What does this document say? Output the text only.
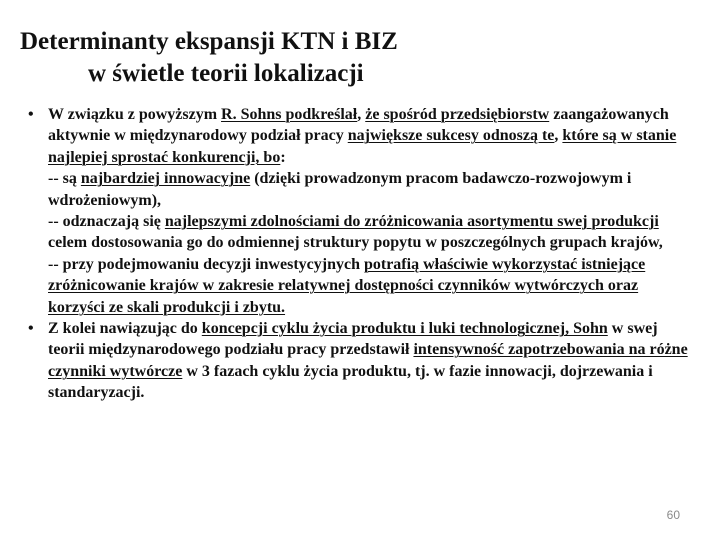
Determinanty ekspansji KTN i BIZ
w świetle teorii lokalizacji
• W związku z powyższym R. Sohns podkreślał, że spośród przedsiębiorstw zaangażowanych aktywnie w międzynarodowy podział pracy największe sukcesy odnoszą te, które są w stanie najlepiej sprostać konkurencji, bo:
-- są najbardziej innowacyjne (dzięki prowadzonym pracom badawczo-rozwojowym i wdrożeniowym),
-- odznaczają się najlepszymi zdolnościami do zróżnicowania asortymentu swej produkcji celem dostosowania go do odmiennej struktury popytu w poszczególnych grupach krajów,
-- przy podejmowaniu decyzji inwestycyjnych potrafią właściwie wykorzystać istniejące zróżnicowanie krajów w zakresie relatywnej dostępności czynników wytwórczych oraz korzyści ze skali produkcji i zbytu.
• Z kolei nawiązując do koncepcji cyklu życia produktu i luki technologicznej, Sohn w swej teorii międzynarodowego podziału pracy przedstawił intensywność zapotrzebowania na różne czynniki wytwórcze w 3 fazach cyklu życia produktu, tj. w fazie innowacji, dojrzewania i standaryzacji.
60
